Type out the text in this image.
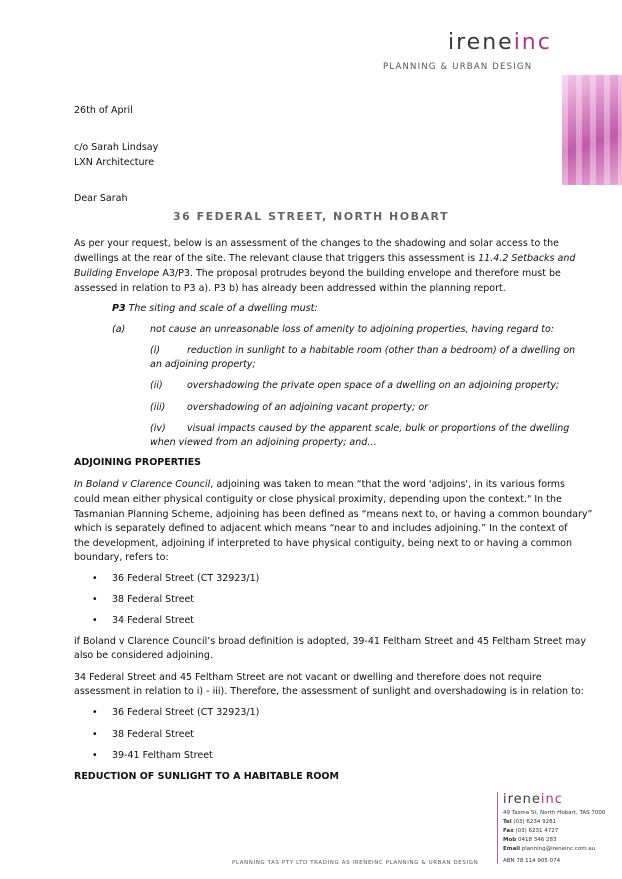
ireneinc
PLANNING & URBAN DESIGN
26th of April
c/o Sarah Lindsay
LXN Architecture
Dear Sarah
36 FEDERAL STREET, NORTH HOBART
As per your request, below is an assessment of the changes to the shadowing and solar access to the
dwellings at the rear of the site. The relevant clause that triggers this assessment is 11.4.2 Setbacks and
Building Envelope A3/P3. The proposal protrudes beyond the building envelope and therefore must be
assessed in relation to P3 a). P3 b) has already been addressed within the planning report.
P3 The siting and scale of a dwelling must:
(a)	not cause an unreasonable loss of amenity to adjoining properties, having regard to:
(i)	reduction in sunlight to a habitable room (other than a bedroom) of a dwelling on
an adjoining property;
(ii)	overshadowing the private open space of a dwelling on an adjoining property;
(iii) overshadowing of an adjoining vacant property; or
(iv) visual impacts caused by the apparent scale, bulk or proportions of the dwelling
when viewed from an adjoining property; and…
ADJOINING PROPERTIES
In Boland v Clarence Council, adjoining was taken to mean “that the word 'adjoins', in its various forms
could mean either physical contiguity or close physical proximity, depending upon the context." In the
Tasmanian Planning Scheme, adjoining has been defined as “means next to, or having a common boundary”
which is separately defined to adjacent which means “near to and includes adjoining.” In the context of
the development, adjoining if interpreted to have physical contiguity, being next to or having a common
boundary, refers to:
• 36 Federal Street (CT 32923/1)
• 38 Federal Street
• 34 Federal Street
if Boland v Clarence Council’s broad definition is adopted, 39-41 Feltham Street and 45 Feltham Street may
also be considered adjoining.
34 Federal Street and 45 Feltham Street are not vacant or dwelling and therefore does not require
assessment in relation to i) - iii). Therefore, the assessment of sunlight and overshadowing is in relation to:
• 36 Federal Street (CT 32923/1)
• 38 Federal Street
• 39-41 Feltham Street
REDUCTION OF SUNLIGHT TO A HABITABLE ROOM
ireneinc
49 Tasma St, North Hobart, TAS 7000
Tel (03) 6234 9281
Fax (03) 6231 4727
Mob 0418 346 283
Email planning@ireneinc.com.au
ABN 78 114 905 074
PLANNING TAS PTY LTD TRADING AS IRENEINC PLANNING & URBAN DESIGN
